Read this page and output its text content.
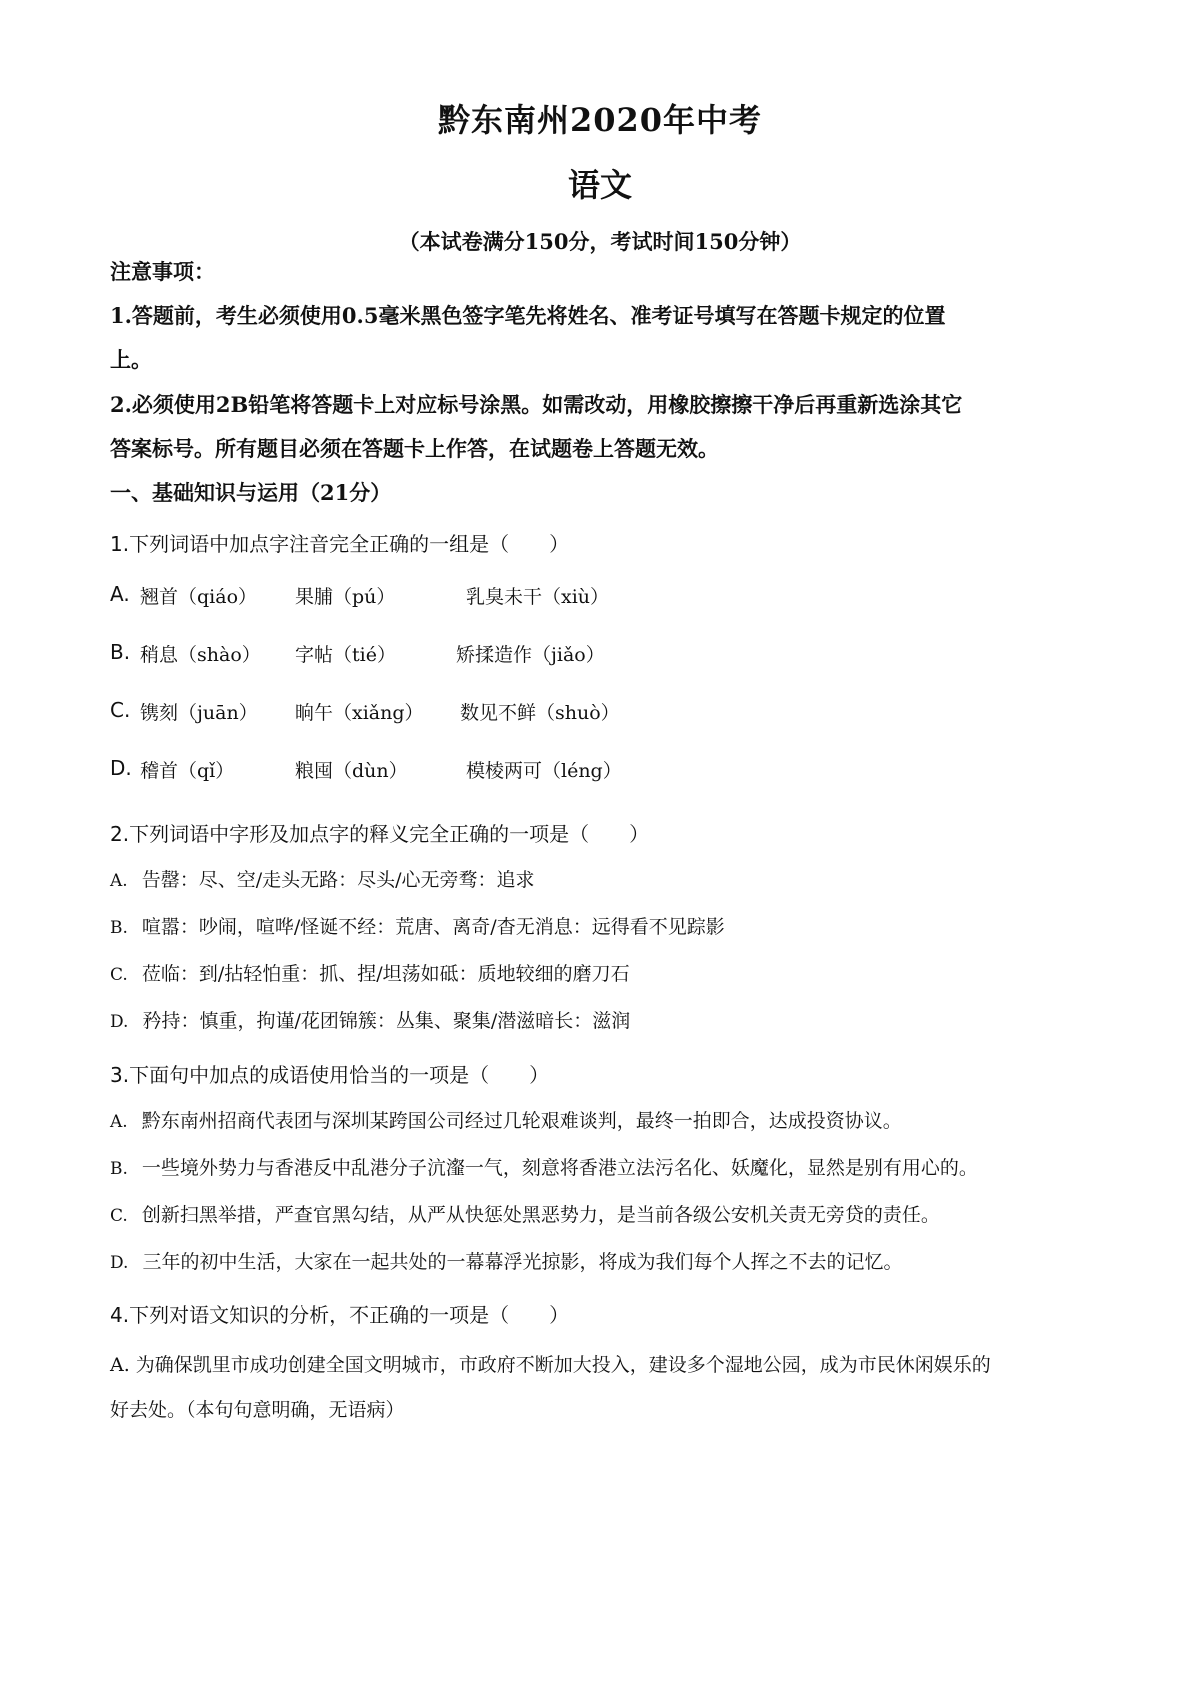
黔东南州2020年中考
语文
（本试卷满分150分，考试时间150分钟）
注意事项：
1.答题前，考生必须使用0.5毫米黑色签字笔先将姓名、准考证号填写在答题卡规定的位置
上。
2.必须使用2B铅笔将答题卡上对应标号涂黑。如需改动，用橡胶擦擦干净后再重新选涂其它
答案标号。所有题目必须在答题卡上作答，在试题卷上答题无效。
一、基础知识与运用（21分）
1.下列词语中加点字注音完全正确的一组是（　　）
A. 翘首（qiáo） 果脯（pú）	乳臭未干（xiù）
B. 稍息（shào） 字帖（tié）	矫揉造作（jiǎo）
C. 镌刻（juān） 晌午（xiǎng） 数见不鲜（shuò）
D. 稽首（qǐ）	粮囤（dùn）	模棱两可（léng）
2.下列词语中字形及加点字的释义完全正确的一项是（　　）
A. 告罄：尽、空/走头无路：尽头/心无旁骛：追求
B. 喧嚣：吵闹，喧哗/怪诞不经：荒唐、离奇/杳无消息：远得看不见踪影
C. 莅临：到/拈轻怕重：抓、捏/坦荡如砥：质地较细的磨刀石
D. 矜持：慎重，拘谨/花团锦簇：丛集、聚集/潜滋暗长：滋润
3.下面句中加点的成语使用恰当的一项是（　　）
A. 黔东南州招商代表团与深圳某跨国公司经过几轮艰难谈判，最终一拍即合，达成投资协议。
B. 一些境外势力与香港反中乱港分子沆瀣一气，刻意将香港立法污名化、妖魔化，显然是别有用心的。
C. 创新扫黑举措，严查官黑勾结，从严从快惩处黑恶势力，是当前各级公安机关责无旁贷的责任。
D. 三年的初中生活，大家在一起共处的一幕幕浮光掠影，将成为我们每个人挥之不去的记忆。
4.下列对语文知识的分析，不正确的一项是（　　）
A. 为确保凯里市成功创建全国文明城市，市政府不断加大投入，建设多个湿地公园，成为市民休闲娱乐的
好去处。（本句句意明确，无语病）
